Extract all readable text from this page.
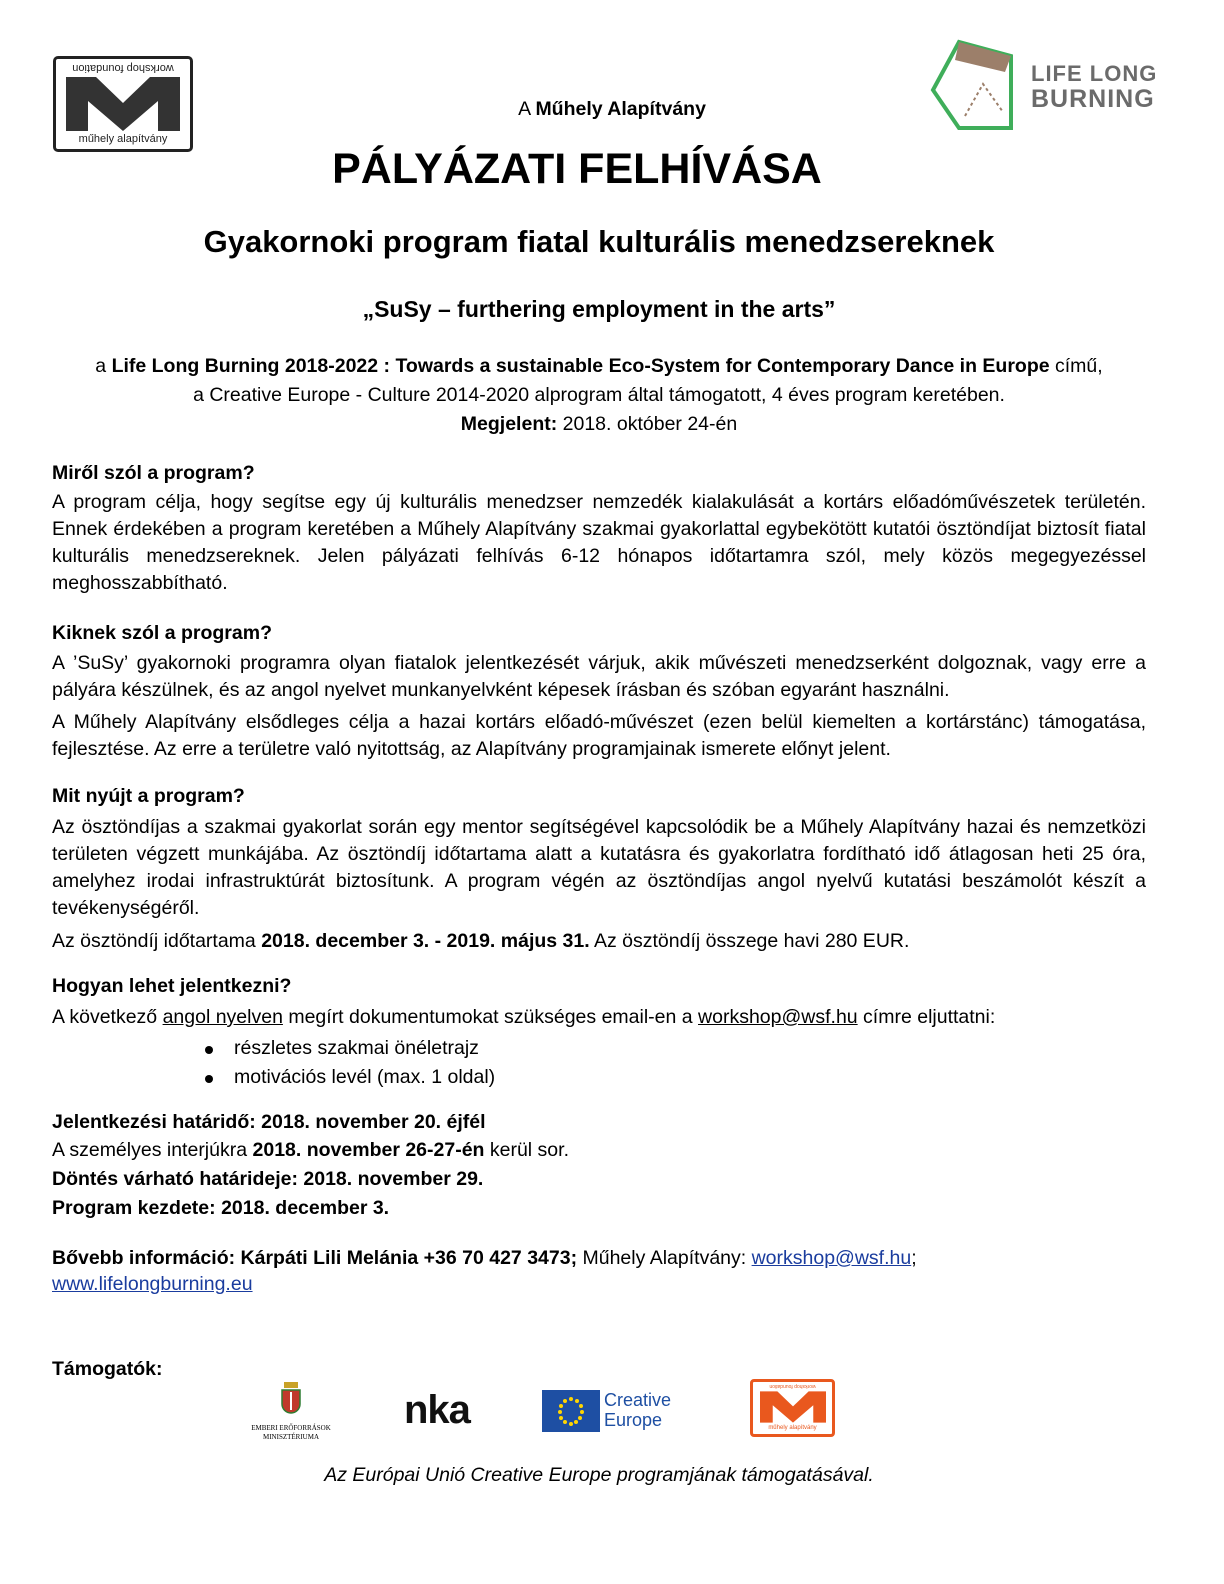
workshop foundation
műhely alapítvány
LIFE LONG
BURNING
A Műhely Alapítvány
PÁLYÁZATI FELHÍVÁSA
Gyakornoki program fiatal kulturális menedzsereknek
„SuSy – furthering employment in the arts”
a Life Long Burning 2018-2022 : Towards a sustainable Eco-System for Contemporary Dance in Europe című,
a Creative Europe - Culture 2014-2020 alprogram által támogatott, 4 éves program keretében.
Megjelent: 2018. október 24-én
Miről szól a program?
A program célja, hogy segítse egy új kulturális menedzser nemzedék kialakulását a kortárs előadóművészetek területén. Ennek érdekében a program keretében a Műhely Alapítvány szakmai gyakorlattal egybekötött kutatói ösztöndíjat biztosít fiatal kulturális menedzsereknek. Jelen pályázati felhívás 6-12 hónapos időtartamra szól, mely közös megegyezéssel meghosszabbítható.
Kiknek szól a program?
A ’SuSy’ gyakornoki programra olyan fiatalok jelentkezését várjuk, akik művészeti menedzserként dolgoznak, vagy erre a pályára készülnek, és az angol nyelvet munkanyelvként képesek írásban és szóban egyaránt használni.
A Műhely Alapítvány elsődleges célja a hazai kortárs előadó-művészet (ezen belül kiemelten a kortárstánc) támogatása, fejlesztése. Az erre a területre való nyitottság, az Alapítvány programjainak ismerete előnyt jelent.
Mit nyújt a program?
Az ösztöndíjas a szakmai gyakorlat során egy mentor segítségével kapcsolódik be a Műhely Alapítvány hazai és nemzetközi területen végzett munkájába. Az ösztöndíj időtartama alatt a kutatásra és gyakorlatra fordítható idő átlagosan heti 25 óra, amelyhez irodai infrastruktúrát biztosítunk. A program végén az ösztöndíjas angol nyelvű kutatási beszámolót készít a tevékenységéről.
Az ösztöndíj időtartama 2018. december 3. - 2019. május 31. Az ösztöndíj összege havi 280 EUR.
Hogyan lehet jelentkezni?
A következő angol nyelven megírt dokumentumokat szükséges email-en a workshop@wsf.hu címre eljuttatni:
részletes szakmai önéletrajz
motivációs levél (max. 1 oldal)
Jelentkezési határidő: 2018. november 20. éjfél
A személyes interjúkra 2018. november 26-27-én kerül sor.
Döntés várható határideje: 2018. november 29.
Program kezdete: 2018. december 3.
Bővebb információ: Kárpáti Lili Melánia +36 70 427 3473; Műhely Alapítvány: workshop@wsf.hu;
www.lifelongburning.eu
Támogatók:
EMBERI ERŐFORRÁSOK
MINISZTÉRIUMA
nka	Creative
Europe
workshop foundation
műhely alapítvány
Az Európai Unió Creative Europe programjának támogatásával.
